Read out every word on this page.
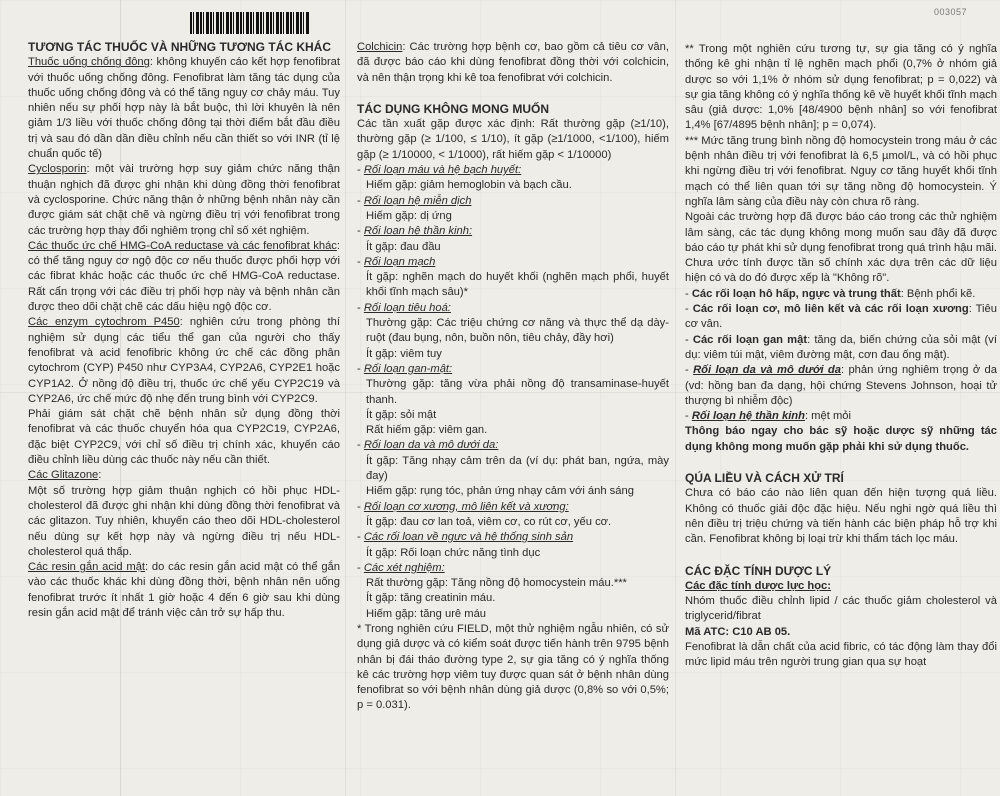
003057

TƯƠNG TÁC THUỐC VÀ NHỮNG TƯƠNG TÁC KHÁC

Thuốc uống chống đông: không khuyến cáo kết hợp fenofibrat với thuốc uống chống đông. Fenofibrat làm tăng tác dụng của thuốc uống chống đông và có thể tăng nguy cơ chảy máu. Tuy nhiên nếu sự phối hợp này là bắt buộc, thì lời khuyên là nên giảm 1/3 liều với thuốc chống đông tại thời điểm bắt đầu điều trị và sau đó dần dần điều chỉnh nếu cần thiết so với INR (tỉ lệ chuẩn quốc tế)

Cyclosporin: một vài trường hợp suy giảm chức năng thận thuận nghịch đã được ghi nhận khi dùng đồng thời fenofibrat và cyclosporine. Chức năng thận ở những bệnh nhân này cần được giám sát chặt chẽ và ngừng điều trị với fenofibrat trong các trường hợp thay đổi nghiêm trọng chỉ số xét nghiệm.

Các thuốc ức chế HMG-CoA reductase và các fenofibrat khác: có thể tăng nguy cơ ngộ độc cơ nếu thuốc được phối hợp với các fibrat khác hoặc các thuốc ức chế HMG-CoA reductase. Rất cẩn trọng với các điều trị phối hợp này và bệnh nhân cần được theo dõi chặt chẽ các dấu hiệu ngộ độc cơ.

Các enzym cytochrom P450: nghiên cứu trong phòng thí nghiệm sử dụng các tiểu thể gan của người cho thấy fenofibrat và acid fenofibric không ức chế các đồng phân cytochrom (CYP) P450 như CYP3A4, CYP2A6, CYP2E1 hoặc CYP1A2. Ở nồng độ điều trị, thuốc ức chế yếu CYP2C19 và CYP2A6, ức chế mức độ nhẹ đến trung bình với CYP2C9.

Phải giám sát chặt chẽ bệnh nhân sử dụng đồng thời fenofibrat và các thuốc chuyển hóa qua CYP2C19, CYP2A6, đặc biệt CYP2C9, với chỉ số điều trị chính xác, khuyến cáo điều chỉnh liều dùng các thuốc này nếu cần thiết.

Các Glitazone:

Một số trường hợp giảm thuận nghịch có hồi phục HDL-cholesterol đã được ghi nhận khi dùng đồng thời fenofibrat và các glitazon. Tuy nhiên, khuyến cáo theo dõi HDL-cholesterol nếu dùng sự kết hợp này và ngừng điều trị nếu HDL-cholesterol quá thấp.

Các resin gắn acid mật: do các resin gắn acid mật có thể gắn vào các thuốc khác khi dùng đồng thời, bệnh nhân nên uống fenofibrat trước ít nhất 1 giờ hoặc 4 đến 6 giờ sau khi dùng resin gắn acid mật để tránh việc cản trở sự hấp thu.

Colchicin: Các trường hợp bệnh cơ, bao gồm cả tiêu cơ vân, đã được báo cáo khi dùng fenofibrat đồng thời với colchicin, và nên thận trọng khi kê toa fenofibrat với colchicin.

TÁC DỤNG KHÔNG MONG MUỐN

Các tần xuất gặp được xác định: Rất thường gặp (≥1/10), thường gặp (≥ 1/100, ≤ 1/10), ít gặp (≥1/1000, <1/100), hiếm gặp (≥ 1/10000, < 1/1000), rất hiếm gặp < 1/10000)

- Rối loạn máu và hệ bạch huyết:

Hiếm gặp: giảm hemoglobin và bạch cầu.

- Rối loạn hệ miễn dịch

Hiếm gặp: dị ứng

- Rối loạn hệ thần kinh:

Ít gặp: đau đầu

- Rối loạn mạch

Ít gặp: nghẽn mạch do huyết khối (nghẽn mạch phổi, huyết khối tĩnh mạch sâu)*

- Rối loạn tiêu hoá:

Thường gặp: Các triệu chứng cơ năng và thực thể dạ dày-ruột (đau bụng, nôn, buồn nôn, tiêu chảy, đầy hơi)

Ít gặp: viêm tuy

- Rối loạn gan-mật:

Thường gặp: tăng vừa phải nồng độ transaminase-huyết thanh.

Ít gặp: sỏi mật

Rất hiếm gặp: viêm gan.

- Rối loạn da và mô dưới da:

Ít gặp: Tăng nhạy cảm trên da (ví dụ: phát ban, ngứa, mày đay)

Hiếm gặp: rụng tóc, phản ứng nhạy cảm với ánh sáng

- Rối loạn cơ xương, mô liên kết và xương:

Ít gặp: đau cơ lan toả, viêm cơ, co rút cơ, yếu cơ.

- Các rối loạn về ngực và hệ thống sinh sản

Ít gặp: Rối loạn chức năng tình dục

- Các xét nghiệm:

Rất thường gặp: Tăng nồng độ homocystein máu.***

Ít gặp: tăng creatinin máu.

Hiếm gặp: tăng urê máu

* Trong nghiên cứu FIELD, một thử nghiệm ngẫu nhiên, có sử dụng giả dược và có kiểm soát được tiến hành trên 9795 bệnh nhân bị đái tháo đường type 2, sự gia tăng có ý nghĩa thống kê các trường hợp viêm tuy được quan sát ở bệnh nhân dùng fenofibrat so với bệnh nhân dùng giả dược (0,8% so với 0,5%; p = 0.031).

** Trong một nghiên cứu tương tự, sự gia tăng có ý nghĩa thống kê ghi nhận tỉ lệ nghẽn mạch phổi (0,7% ở nhóm giả dược so với 1,1% ở nhóm sử dụng fenofibrat; p = 0,022) và sự gia tăng không có ý nghĩa thống kê về huyết khối tĩnh mạch sâu (giả dược: 1,0% [48/4900 bệnh nhân] so với fenofibrat 1,4% [67/4895 bệnh nhân]; p = 0,074).

*** Mức tăng trung bình nồng độ homocystein trong máu ở các bệnh nhân điều trị với fenofibrat là 6,5 µmol/L, và có hồi phục khi ngừng điều trị với fenofibrat. Nguy cơ tăng huyết khối tĩnh mạch có thể liên quan tới sự tăng nồng độ homocystein. Ý nghĩa lâm sàng của điều này còn chưa rõ ràng.

Ngoài các trường hợp đã được báo cáo trong các thử nghiệm lâm sàng, các tác dụng không mong muốn sau đây đã được báo cáo tự phát khi sử dụng fenofibrat trong quá trình hậu mãi. Chưa ước tính được tần số chính xác dựa trên các dữ liệu hiện có và do đó được xếp là "Không rõ".

- Các rối loạn hô hấp, ngực và trung thất: Bệnh phổi kẽ.

- Các rối loạn cơ, mô liên kết và các rối loạn xương: Tiêu cơ vân.

- Các rối loạn gan mật: tăng da, biến chứng của sỏi mật (ví dụ: viêm túi mật, viêm đường mật, cơn đau ống mật).

- Rối loạn da và mô dưới da: phản ứng nghiêm trọng ở da (vd: hồng ban đa dạng, hội chứng Stevens Johnson, hoại tử thượng bì nhiễm độc)

- Rối loạn hệ thần kinh: mệt mỏi

Thông báo ngay cho bác sỹ hoặc dược sỹ những tác dụng không mong muốn gặp phải khi sử dụng thuốc.

QÚA LIỀU VÀ CÁCH XỬ TRÍ

Chưa có báo cáo nào liên quan đến hiện tượng quá liều. Không có thuốc giải độc đặc hiệu. Nếu nghi ngờ quá liều thì nên điều trị triệu chứng và tiến hành các biện pháp hỗ trợ khi cần. Fenofibrat không bị loại trừ khi thẩm tách lọc máu.

CÁC ĐẶC TÍNH DƯỢC LÝ

Các đặc tính dược lực học:

Nhóm thuốc điều chỉnh lipid / các thuốc giảm cholesterol và triglycerid/fibrat

Mã ATC: C10 AB 05.

Fenofibrat là dẫn chất của acid fibric, có tác động làm thay đổi mức lipid máu trên người trung gian qua sự hoạt
